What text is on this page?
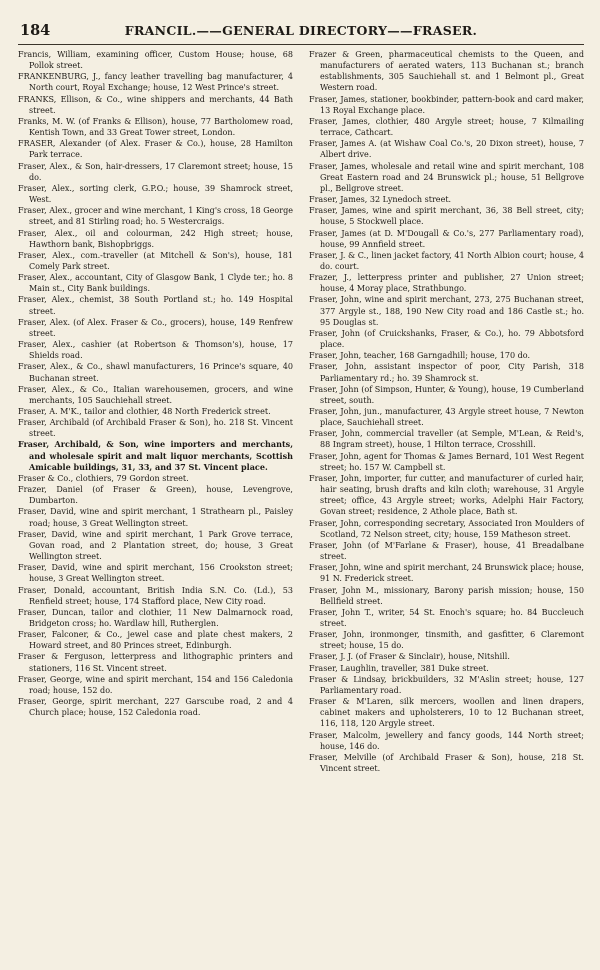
184	FRANCIL.——GENERAL DIRECTORY——FRASER.

Francis, William, examining officer, Custom House; house, 68 Pollok street.

FRANKENBURG, J., fancy leather travelling bag manufacturer, 4 North court, Royal Exchange; house, 12 West Prince's street.

FRANKS, Ellison, & Co., wine shippers and merchants, 44 Bath street.

Franks, M. W. (of Franks & Ellison), house, 77 Bartholomew road, Kentish Town, and 33 Great Tower street, London.

FRASER, Alexander (of Alex. Fraser & Co.), house, 28 Hamilton Park terrace.

Fraser, Alex., & Son, hair-dressers, 17 Claremont street; house, 15 do.

Fraser, Alex., sorting clerk, G.P.O.; house, 39 Shamrock street, West.

Fraser, Alex., grocer and wine merchant, 1 King's cross, 18 George street, and 81 Stirling road; ho. 5 Westercraigs.

Fraser, Alex., oil and colourman, 242 High street; house, Hawthorn bank, Bishopbriggs.

Fraser, Alex., com.-traveller (at Mitchell & Son's), house, 181 Comely Park street.

Fraser, Alex., accountant, City of Glasgow Bank, 1 Clyde ter.; ho. 8 Main st., City Bank buildings.

Fraser, Alex., chemist, 38 South Portland st.; ho. 149 Hospital street.

Fraser, Alex. (of Alex. Fraser & Co., grocers), house, 149 Renfrew street.

Fraser, Alex., cashier (at Robertson & Thomson's), house, 17 Shields road.

Fraser, Alex., & Co., shawl manufacturers, 16 Prince's square, 40 Buchanan street.

Fraser, Alex., & Co., Italian warehousemen, grocers, and wine merchants, 105 Sauchiehall street.

Fraser, A. M'K., tailor and clothier, 48 North Frederick street.

Fraser, Archibald (of Archibald Fraser & Son), ho. 218 St. Vincent street.

Fraser, Archibald, & Son, wine importers and merchants, and wholesale spirit and malt liquor merchants, Scottish Amicable buildings, 31, 33, and 37 St. Vincent place.

Fraser & Co., clothiers, 79 Gordon street.

Frazer, Daniel (of Fraser & Green), house, Levengrove, Dumbarton.

Fraser, David, wine and spirit merchant, 1 Strathearn pl., Paisley road; house, 3 Great Wellington street.

Fraser, David, wine and spirit merchant, 1 Park Grove terrace, Govan road, and 2 Plantation street, do; house, 3 Great Wellington street.

Fraser, David, wine and spirit merchant, 156 Crookston street; house, 3 Great Wellington street.

Fraser, Donald, accountant, British India S.N. Co. (Ld.), 53 Renfield street; house, 174 Stafford place, New City road.

Fraser, Duncan, tailor and clothier, 11 New Dalmarnock road, Bridgeton cross; ho. Wardlaw hill, Rutherglen.

Fraser, Falconer, & Co., jewel case and plate chest makers, 2 Howard street, and 80 Princes street, Edinburgh.

Fraser & Ferguson, letterpress and lithographic printers and stationers, 116 St. Vincent street.

Fraser, George, wine and spirit merchant, 154 and 156 Caledonia road; house, 152 do.

Fraser, George, spirit merchant, 227 Garscube road, 2 and 4 Church place; house, 152 Caledonia road.

Frazer & Green, pharmaceutical chemists to the Queen, and manufacturers of aerated waters, 113 Buchanan st.; branch establishments, 305 Sauchiehall st. and 1 Belmont pl., Great Western road.

Fraser, James, stationer, bookbinder, pattern-book and card maker, 13 Royal Exchange place.

Fraser, James, clothier, 480 Argyle street; house, 7 Kilmailing terrace, Cathcart.

Fraser, James A. (at Wishaw Coal Co.'s, 20 Dixon street), house, 7 Albert drive.

Fraser, James, wholesale and retail wine and spirit merchant, 108 Great Eastern road and 24 Brunswick pl.; house, 51 Bellgrove pl., Bellgrove street.

Fraser, James, 32 Lynedoch street.

Fraser, James, wine and spirit merchant, 36, 38 Bell street, city; house, 5 Stockwell place.

Fraser, James (at D. M'Dougall & Co.'s, 277 Parliamentary road), house, 99 Annfield street.

Fraser, J. & C., linen jacket factory, 41 North Albion court; house, 4 do. court.

Frazer, J., letterpress printer and publisher, 27 Union street; house, 4 Moray place, Strathbungo.

Fraser, John, wine and spirit merchant, 273, 275 Buchanan street, 377 Argyle st., 188, 190 New City road and 186 Castle st.; ho. 95 Douglas st.

Fraser, John (of Cruickshanks, Fraser, & Co.), ho. 79 Abbotsford place.

Fraser, John, teacher, 168 Garngadhill; house, 170 do.

Fraser, John, assistant inspector of poor, City Parish, 318 Parliamentary rd.; ho. 39 Shamrock st.

Fraser, John (of Simpson, Hunter, & Young), house, 19 Cumberland street, south.

Fraser, John, jun., manufacturer, 43 Argyle street house, 7 Newton place, Sauchiehall street.

Fraser, John, commercial traveller (at Semple, M'Lean, & Reid's, 88 Ingram street), house, 1 Hilton terrace, Crosshill.

Fraser, John, agent for Thomas & James Bernard, 101 West Regent street; ho. 157 W. Campbell st.

Fraser, John, importer, fur cutter, and manufacturer of curled hair, hair seating, brush drafts and kiln cloth; warehouse, 31 Argyle street; office, 43 Argyle street; works, Adelphi Hair Factory, Govan street; residence, 2 Athole place, Bath st.

Fraser, John, corresponding secretary, Associated Iron Moulders of Scotland, 72 Nelson street, city; house, 159 Matheson street.

Fraser, John (of M'Farlane & Fraser), house, 41 Breadalbane street.

Fraser, John, wine and spirit merchant, 24 Brunswick place; house, 91 N. Frederick street.

Fraser, John M., missionary, Barony parish mission; house, 150 Bellfield street.

Fraser, John T., writer, 54 St. Enoch's square; ho. 84 Buccleuch street.

Fraser, John, ironmonger, tinsmith, and gasfitter, 6 Claremont street; house, 15 do.

Fraser, J. J. (of Fraser & Sinclair), house, Nitshill.

Fraser, Laughlin, traveller, 381 Duke street.

Fraser & Lindsay, brickbuilders, 32 M'Aslin street; house, 127 Parliamentary road.

Fraser & M'Laren, silk mercers, woollen and linen drapers, cabinet makers and upholsterers, 10 to 12 Buchanan street, 116, 118, 120 Argyle street.

Fraser, Malcolm, jewellery and fancy goods, 144 North street; house, 146 do.

Fraser, Melville (of Archibald Fraser & Son), house, 218 St. Vincent street.
